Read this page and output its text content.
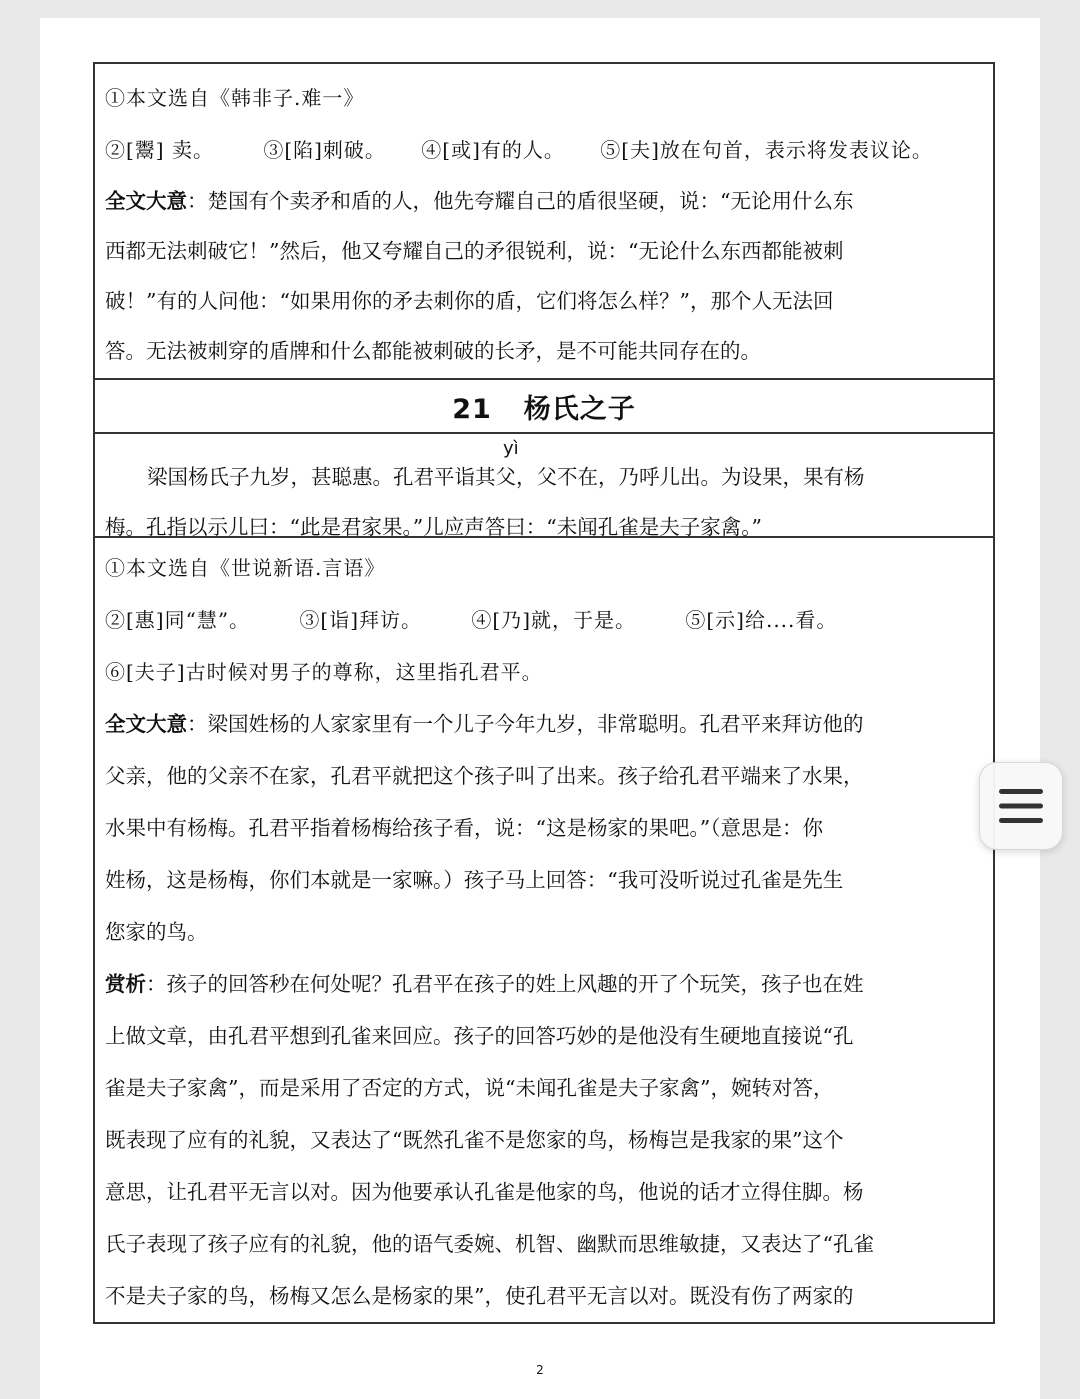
①本文选自《韩非子.难一》
②[鬻] 卖。 ③[陷]刺破。 ④[或]有的人。 ⑤[夫]放在句首，表示将发表议论。
全文大意：楚国有个卖矛和盾的人，他先夸耀自己的盾很坚硬，说：“无论用什么东
西都无法刺破它！”然后，他又夸耀自己的矛很锐利，说：“无论什么东西都能被刺
破！”有的人问他：“如果用你的矛去刺你的盾，它们将怎么样？”，那个人无法回
答。无法被刺穿的盾牌和什么都能被刺破的长矛，是不可能共同存在的。
21 杨氏之子
yì
梁国杨氏子九岁，甚聪惠。孔君平诣其父，父不在，乃呼儿出。为设果，果有杨
梅。孔指以示儿曰：“此是君家果。”儿应声答曰：“未闻孔雀是夫子家禽。”
①本文选自《世说新语.言语》
②[惠]同“慧”。 ③[诣]拜访。 ④[乃]就，于是。 ⑤[示]给....看。
⑥[夫子]古时候对男子的尊称，这里指孔君平。
全文大意：梁国姓杨的人家家里有一个儿子今年九岁，非常聪明。孔君平来拜访他的
父亲，他的父亲不在家，孔君平就把这个孩子叫了出来。孩子给孔君平端来了水果，
水果中有杨梅。孔君平指着杨梅给孩子看，说：“这是杨家的果吧。”（意思是：你
姓杨，这是杨梅，你们本就是一家嘛。）孩子马上回答：“我可没听说过孔雀是先生
您家的鸟。
赏析：孩子的回答秒在何处呢？孔君平在孩子的姓上风趣的开了个玩笑，孩子也在姓
上做文章，由孔君平想到孔雀来回应。孩子的回答巧妙的是他没有生硬地直接说“孔
雀是夫子家禽”，而是采用了否定的方式，说“未闻孔雀是夫子家禽”，婉转对答，
既表现了应有的礼貌，又表达了“既然孔雀不是您家的鸟，杨梅岂是我家的果”这个
意思，让孔君平无言以对。因为他要承认孔雀是他家的鸟，他说的话才立得住脚。杨
氏子表现了孩子应有的礼貌，他的语气委婉、机智、幽默而思维敏捷，又表达了“孔雀
不是夫子家的鸟，杨梅又怎么是杨家的果”，使孔君平无言以对。既没有伤了两家的
2
